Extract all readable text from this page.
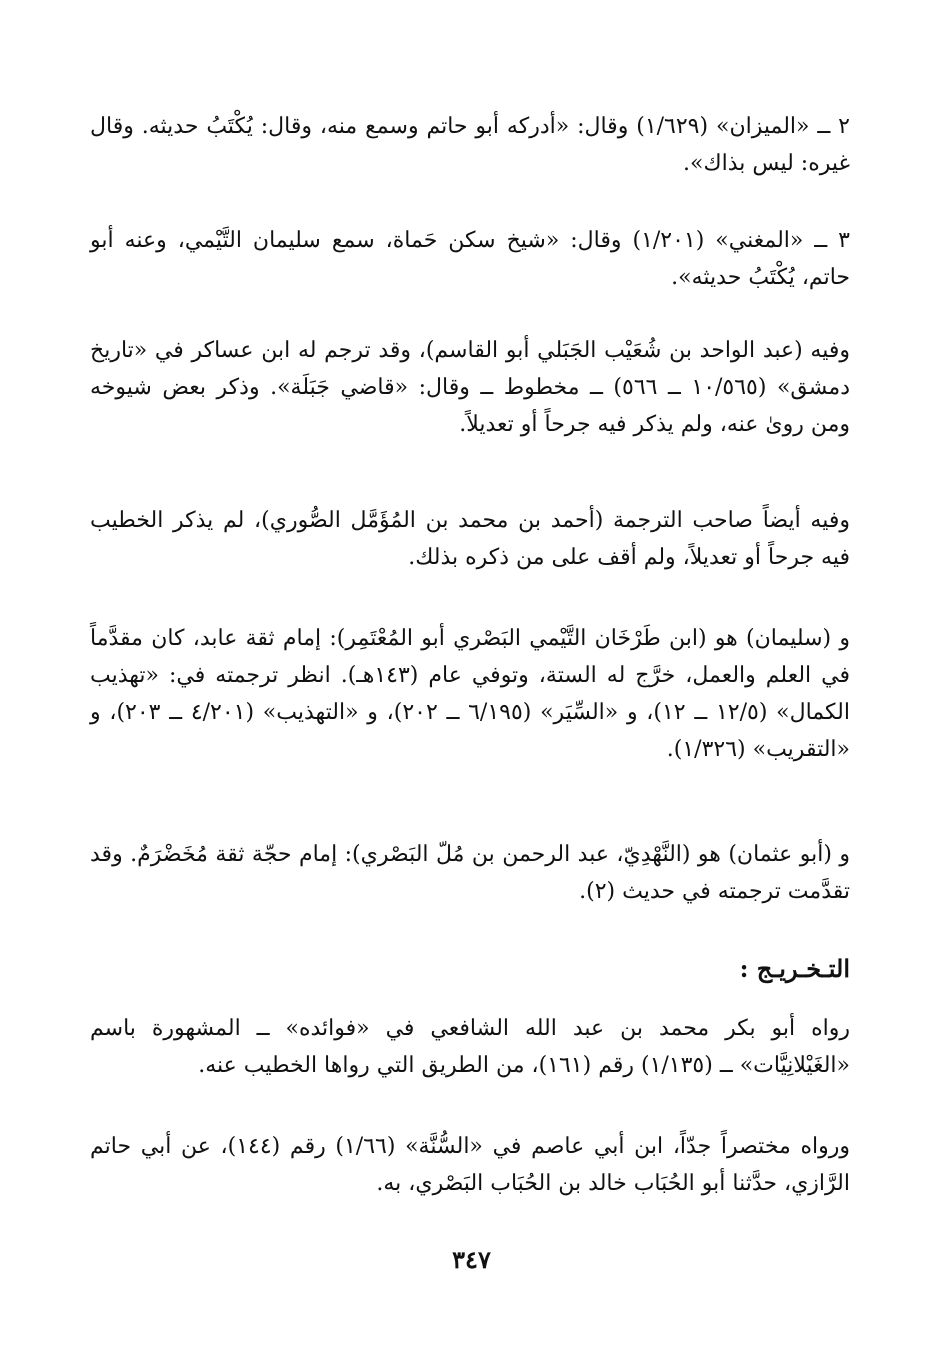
٢ ــ «الميزان» (١/٦٢٩) وقال: «أدركه أبو حاتم وسمع منه، وقال: يُكْتَبُ حديثه. وقال غيره: ليس بذاك».

٣ ــ «المغني» (١/٢٠١) وقال: «شيخ سكن حَماة، سمع سليمان التَّيْمي، وعنه أبو حاتم، يُكْتَبُ حديثه».

وفيه (عبد الواحد بن شُعَيْب الجَبَلي أبو القاسم)، وقد ترجم له ابن عساكر في «تاريخ دمشق» (١٠/٥٦٥ ــ ٥٦٦) ــ مخطوط ــ وقال: «قاضي جَبَلَة». وذكر بعض شيوخه ومن روىٰ عنه، ولم يذكر فيه جرحاً أو تعديلاً.

وفيه أيضاً صاحب الترجمة (أحمد بن محمد بن المُؤَمَّل الصُّوري)، لم يذكر الخطيب فيه جرحاً أو تعديلاً، ولم أقف على من ذكره بذلك.

و (سليمان) هو (ابن طَرْخَان التَّيْمي البَصْري أبو المُعْتَمِر): إمام ثقة عابد، كان مقدَّماً في العلم والعمل، خرَّج له الستة، وتوفي عام (١٤٣هـ). انظر ترجمته في: «تهذيب الكمال» (١٢/٥ ــ ١٢)، و «السِّيَر» (٦/١٩٥ ــ ٢٠٢)، و «التهذيب» (٤/٢٠١ ــ ٢٠٣)، و «التقريب» (١/٣٢٦).

و (أبو عثمان) هو (النَّهْدِيّ، عبد الرحمن بن مُلّ البَصْري): إمام حجّة ثقة مُخَضْرَمٌ. وقد تقدَّمت ترجمته في حديث (٢).

التـخـريـج :

رواه أبو بكر محمد بن عبد الله الشافعي في «فوائده» ــ المشهورة باسم «الغَيْلانِيَّات» ــ (١/١٣٥) رقم (١٦١)، من الطريق التي رواها الخطيب عنه.

ورواه مختصراً جدّاً، ابن أبي عاصم في «السُّنَّة» (١/٦٦) رقم (١٤٤)، عن أبي حاتم الرَّازي، حدَّثنا أبو الحُبَاب خالد بن الحُبَاب البَصْري، به.

٣٤٧
